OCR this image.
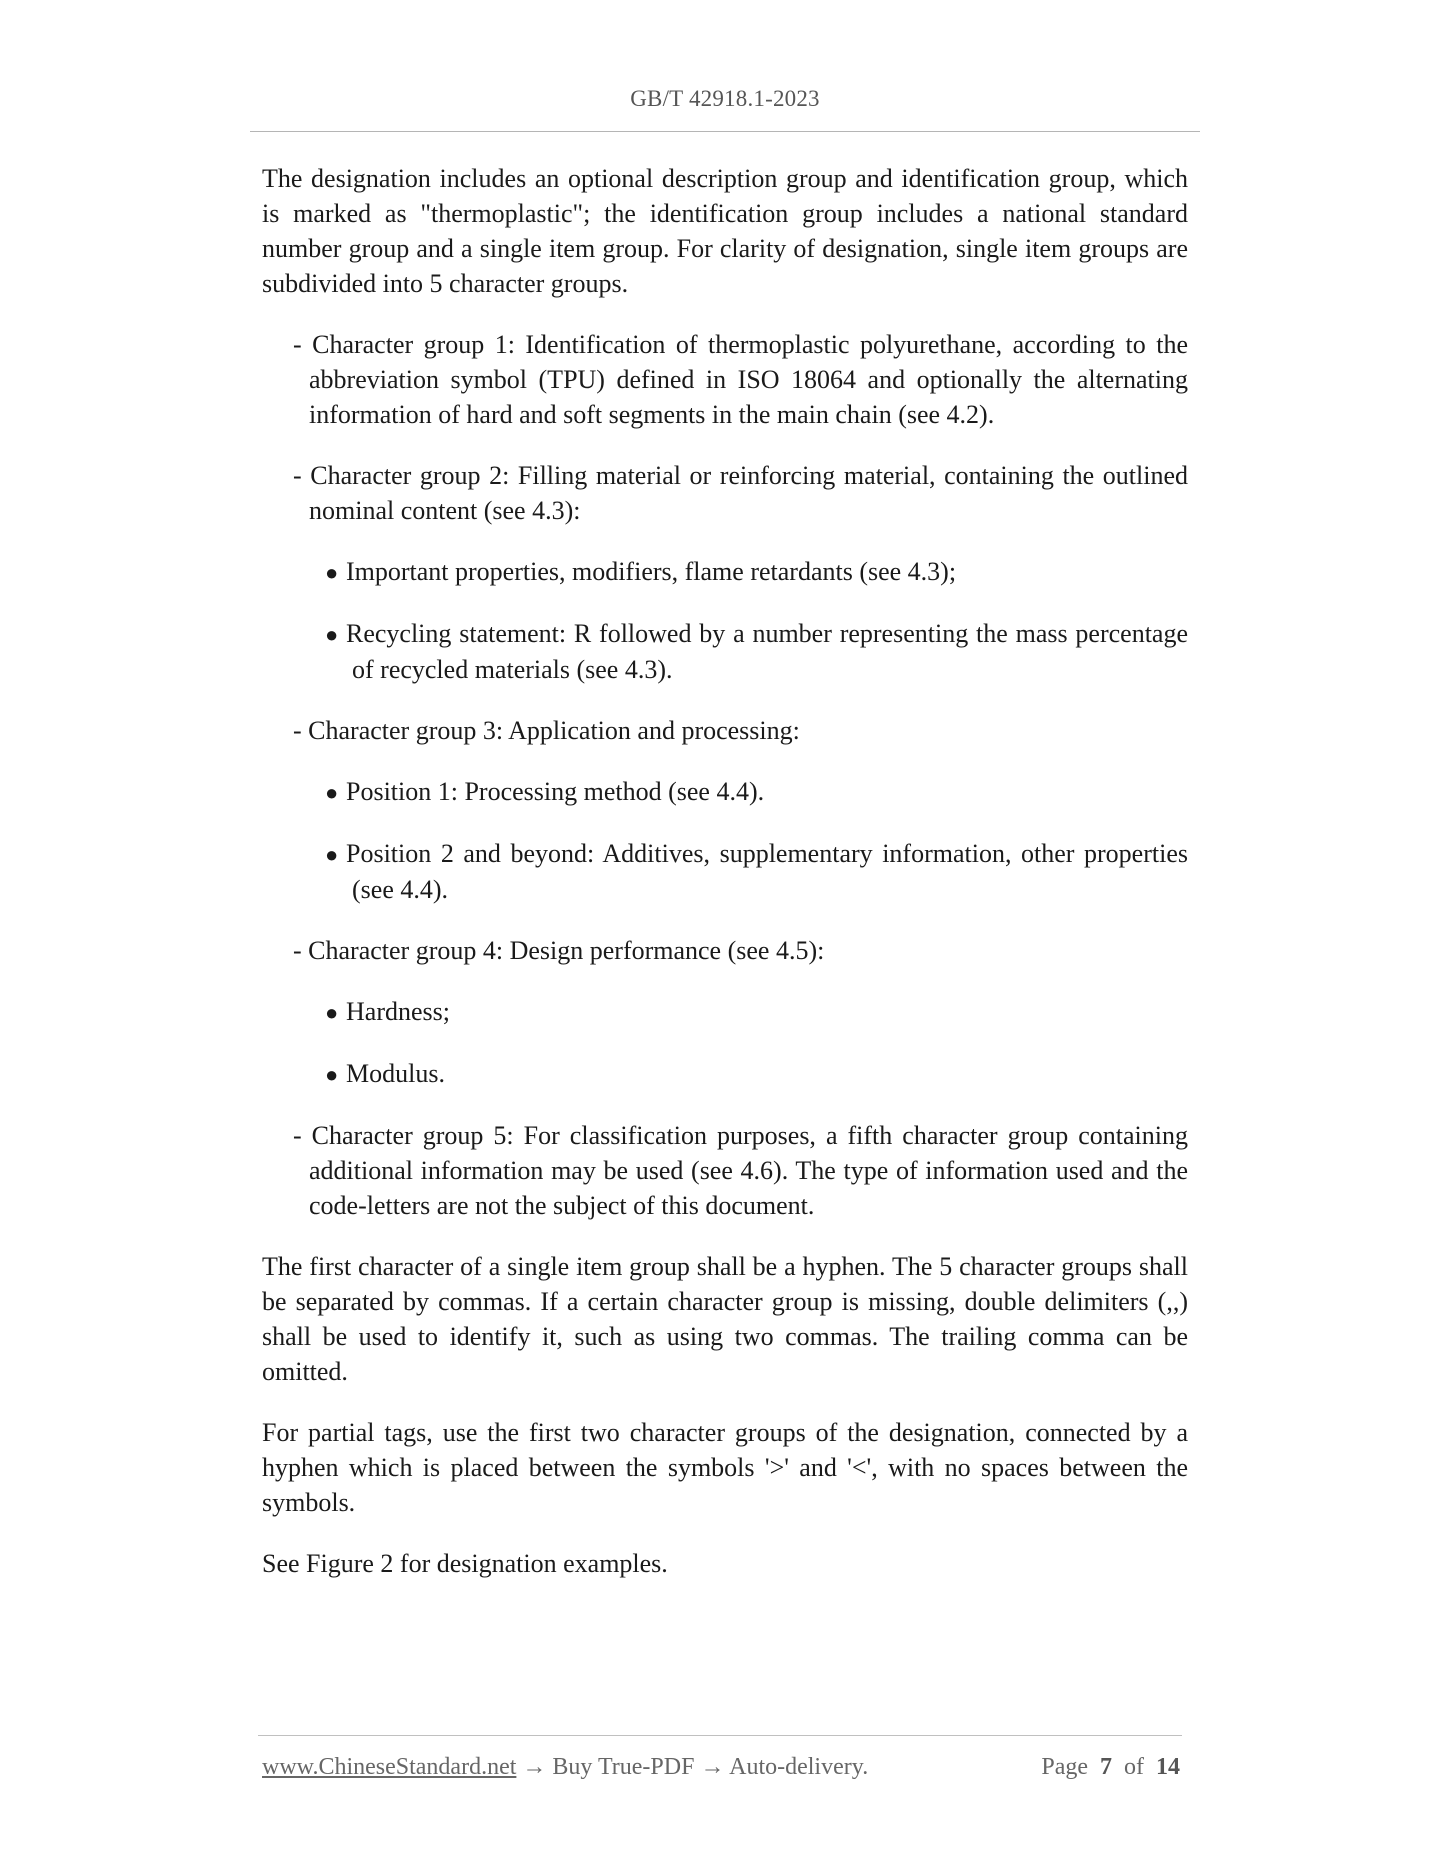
GB/T 42918.1-2023

The designation includes an optional description group and identification group, which is marked as "thermoplastic"; the identification group includes a national standard number group and a single item group. For clarity of designation, single item groups are subdivided into 5 character groups.

- Character group 1: Identification of thermoplastic polyurethane, according to the abbreviation symbol (TPU) defined in ISO 18064 and optionally the alternating information of hard and soft segments in the main chain (see 4.2).

- Character group 2: Filling material or reinforcing material, containing the outlined nominal content (see 4.3):

● Important properties, modifiers, flame retardants (see 4.3);

● Recycling statement: R followed by a number representing the mass percentage of recycled materials (see 4.3).

- Character group 3: Application and processing:

● Position 1: Processing method (see 4.4).

● Position 2 and beyond: Additives, supplementary information, other properties (see 4.4).

- Character group 4: Design performance (see 4.5):

● Hardness;

● Modulus.

- Character group 5: For classification purposes, a fifth character group containing additional information may be used (see 4.6). The type of information used and the code-letters are not the subject of this document.

The first character of a single item group shall be a hyphen. The 5 character groups shall be separated by commas. If a certain character group is missing, double delimiters (,,) shall be used to identify it, such as using two commas. The trailing comma can be omitted.

For partial tags, use the first two character groups of the designation, connected by a hyphen which is placed between the symbols '>' and '<', with no spaces between the symbols.

See Figure 2 for designation examples.

www.ChineseStandard.net → Buy True-PDF → Auto-delivery.	Page 7 of 14
